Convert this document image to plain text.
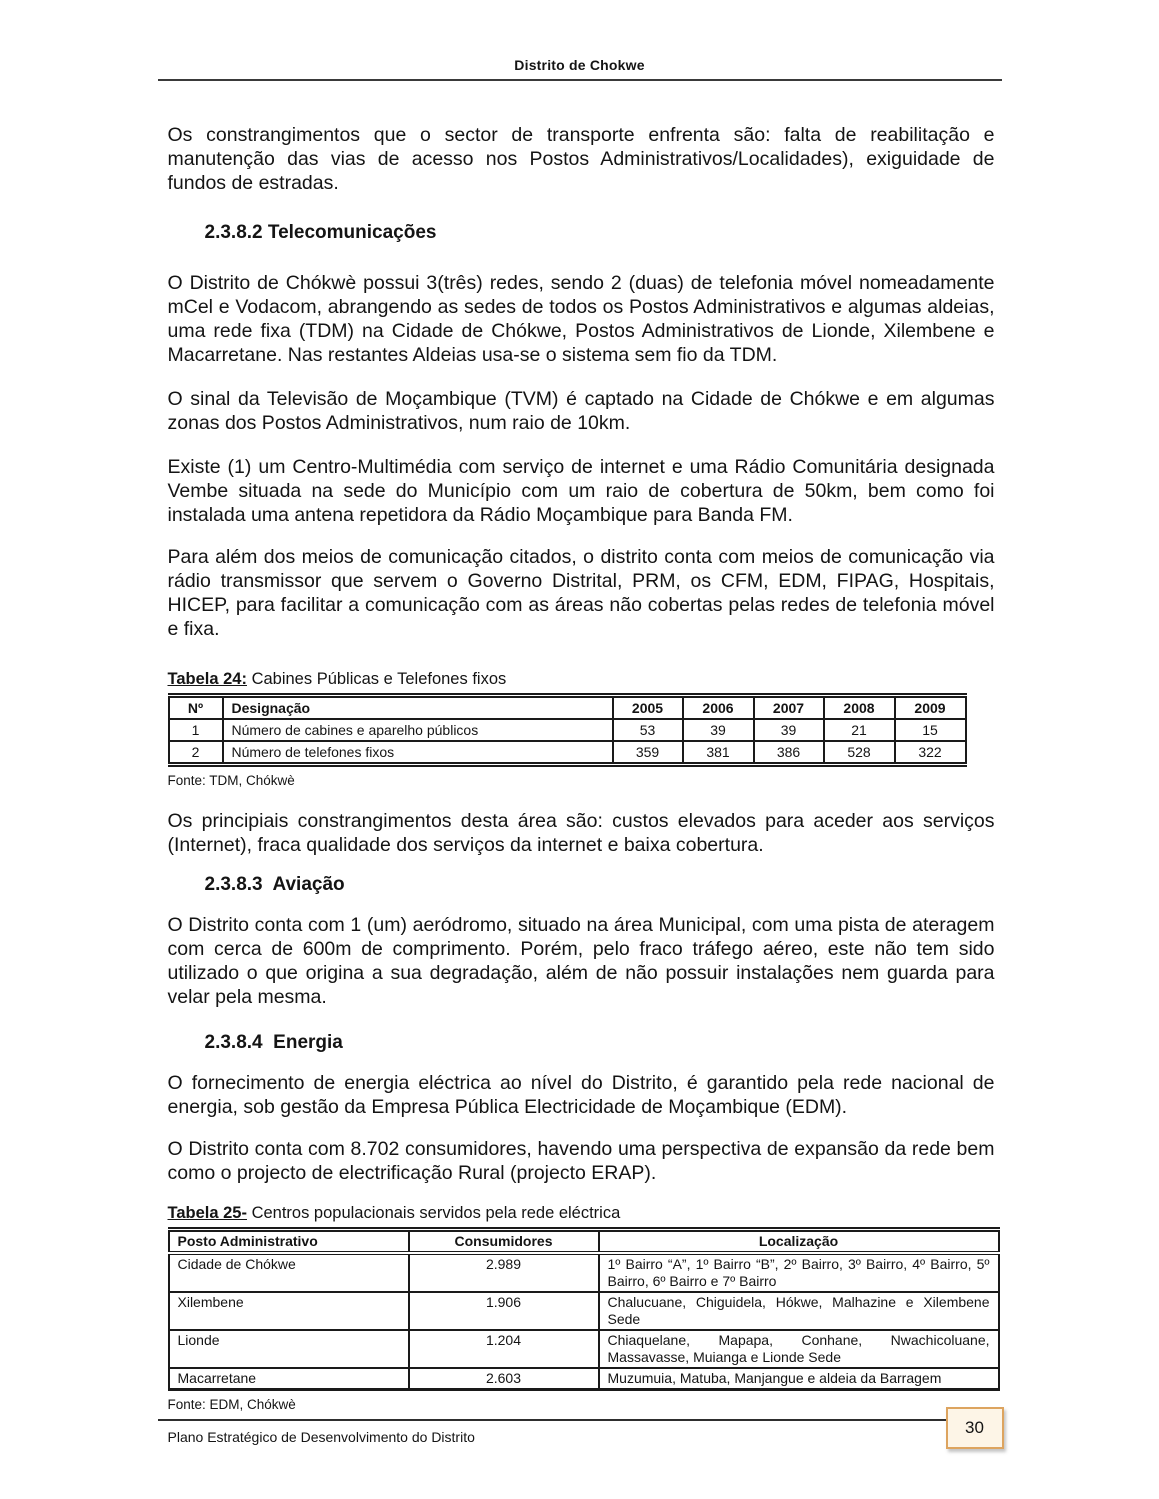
Distrito de Chokwe

Os constrangimentos que o sector de transporte enfrenta são: falta de reabilitação e manutenção das vias de acesso nos Postos Administrativos/Localidades), exiguidade de fundos de estradas.

2.3.8.2 Telecomunicações

O Distrito de Chókwè possui 3(três) redes, sendo 2 (duas) de telefonia móvel nomeadamente mCel e Vodacom, abrangendo as sedes de todos os Postos Administrativos e algumas aldeias, uma rede fixa (TDM) na Cidade de Chókwe, Postos Administrativos de Lionde, Xilembene e Macarretane. Nas restantes Aldeias usa-se o sistema sem fio da TDM.

O sinal da Televisão de Moçambique (TVM) é captado na Cidade de Chókwe e em algumas zonas dos Postos Administrativos, num raio de 10km.

Existe (1) um Centro-Multimédia com serviço de internet e uma Rádio Comunitária designada Vembe situada na sede do Município com um raio de cobertura de 50km, bem como foi instalada uma antena repetidora da Rádio Moçambique para Banda FM.

Para além dos meios de comunicação citados, o distrito conta com meios de comunicação via rádio transmissor que servem o Governo Distrital, PRM, os CFM, EDM, FIPAG, Hospitais, HICEP, para facilitar a comunicação com as áreas não cobertas pelas redes de telefonia móvel e fixa.

Tabela 24: Cabines Públicas e Telefones fixos
Nº	Designação	2005	2006	2007	2008	2009
1	Número de cabines e aparelho públicos	53	39	39	21	15
2	Número de telefones fixos	359	381	386	528	322
Fonte: TDM, Chókwè

Os principiais constrangimentos desta área são: custos elevados para aceder aos serviços (Internet), fraca qualidade dos serviços da internet e baixa cobertura.

2.3.8.3  Aviação

O Distrito conta com 1 (um) aeródromo, situado na área Municipal, com uma pista de ateragem com cerca de 600m de comprimento. Porém, pelo fraco tráfego aéreo, este não tem sido utilizado o que origina a sua degradação, além de não possuir instalações nem guarda para velar pela mesma.

2.3.8.4  Energia

O fornecimento de energia eléctrica ao nível do Distrito, é garantido pela rede nacional de energia, sob gestão da Empresa Pública Electricidade de Moçambique (EDM).

O Distrito conta com 8.702 consumidores, havendo uma perspectiva de expansão da rede bem como o projecto de electrificação Rural (projecto ERAP).

Tabela 25- Centros populacionais servidos pela rede eléctrica
Posto Administrativo	Consumidores	Localização
Cidade de Chókwe	2.989	1º Bairro “A”, 1º Bairro “B”, 2º Bairro, 3º Bairro, 4º Bairro, 5º Bairro, 6º Bairro e 7º Bairro
Xilembene	1.906	Chalucuane, Chiguidela, Hókwe, Malhazine e Xilembene Sede
Lionde	1.204	Chiaquelane, Mapapa, Conhane, Nwachicoluane, Massavasse, Muianga e Lionde Sede
Macarretane	2.603	Muzumuia, Matuba, Manjangue e aldeia da Barragem
Fonte: EDM, Chókwè
Plano Estratégico de Desenvolvimento do Distrito	30
